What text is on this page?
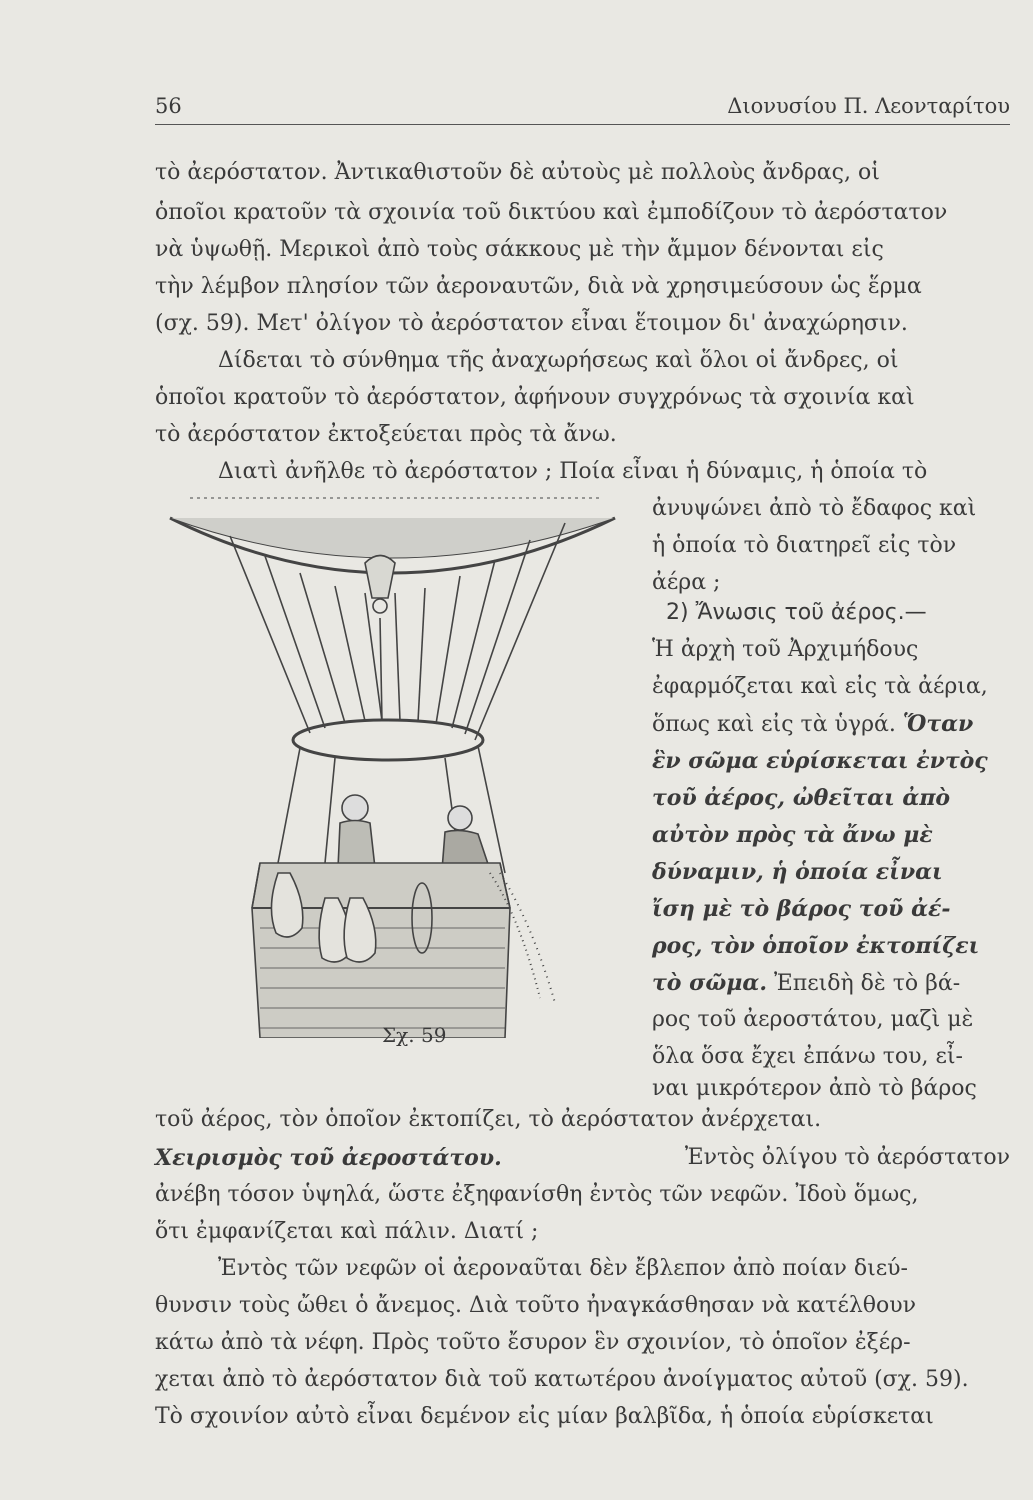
56	Διονυσίου Π. Λεονταρίτου
τὸ ἀερόστατον. Ἀντικαθιστοῦν δὲ αὐτοὺς μὲ πολλοὺς ἄνδρας, οἱ
ὁποῖοι κρατοῦν τὰ σχοινία τοῦ δικτύου καὶ ἐμποδίζουν τὸ ἀερόστατον
νὰ ὑψωθῇ. Μερικοὶ ἀπὸ τοὺς σάκκους μὲ τὴν ἄμμον δένονται εἰς
τὴν λέμβον πλησίον τῶν ἀεροναυτῶν, διὰ νὰ χρησιμεύσουν ὡς ἕρμα
(σχ. 59). Μετ' ὀλίγον τὸ ἀερόστατον εἶναι ἕτοιμον δι' ἀναχώρησιν.
Δίδεται τὸ σύνθημα τῆς ἀναχωρήσεως καὶ ὅλοι οἱ ἄνδρες, οἱ
ὁποῖοι κρατοῦν τὸ ἀερόστατον, ἀφήνουν συγχρόνως τὰ σχοινία καὶ
τὸ ἀερόστατον ἐκτοξεύεται πρὸς τὰ ἄνω.
Διατὶ ἀνῆλθε τὸ ἀερόστατον ; Ποία εἶναι ἡ δύναμις, ἡ ὁποία τὸ
ἀνυψώνει ἀπὸ τὸ ἔδαφος καὶ
ἡ ὁποία τὸ διατηρεῖ εἰς τὸν
ἀέρα ;
2) Ἄνωσις τοῦ ἀέρος.—
Ἡ ἀρχὴ τοῦ Ἀρχιμήδους
ἐφαρμόζεται καὶ εἰς τὰ ἀέρια,
ὅπως καὶ εἰς τὰ ὑγρά. Ὅταν
ἓν σῶμα εὑρίσκεται ἐντὸς
τοῦ ἀέρος, ὠθεῖται ἀπὸ
αὐτὸν πρὸς τὰ ἄνω μὲ
δύναμιν, ἡ ὁποία εἶναι
ἴση μὲ τὸ βάρος τοῦ ἀέ-
ρος, τὸν ὁποῖον ἐκτοπίζει
τὸ σῶμα. Ἐπειδὴ δὲ τὸ βά-
ρος τοῦ ἀεροστάτου, μαζὶ μὲ
ὅλα ὅσα ἔχει ἐπάνω του, εἶ-
ναι μικρότερον ἀπὸ τὸ βάρος
Σχ. 59
τοῦ ἀέρος, τὸν ὁποῖον ἐκτοπίζει, τὸ ἀερόστατον ἀνέρχεται.
Χειρισμὸς τοῦ ἀεροστάτου.	Ἐντὸς ὀλίγου τὸ ἀερόστατον
ἀνέβη τόσον ὑψηλά, ὥστε ἐξηφανίσθη ἐντὸς τῶν νεφῶν. Ἰδοὺ ὅμως,
ὅτι ἐμφανίζεται καὶ πάλιν. Διατί ;
Ἐντὸς τῶν νεφῶν οἱ ἀεροναῦται δὲν ἔβλεπον ἀπὸ ποίαν διεύ-
θυνσιν τοὺς ὤθει ὁ ἄνεμος. Διὰ τοῦτο ἠναγκάσθησαν νὰ κατέλθουν
κάτω ἀπὸ τὰ νέφη. Πρὸς τοῦτο ἔσυρον ἓν σχοινίον, τὸ ὁποῖον ἐξέρ-
χεται ἀπὸ τὸ ἀερόστατον διὰ τοῦ κατωτέρου ἀνοίγματος αὐτοῦ (σχ. 59).
Τὸ σχοινίον αὐτὸ εἶναι δεμένον εἰς μίαν βαλβῖδα, ἡ ὁποία εὑρίσκεται
